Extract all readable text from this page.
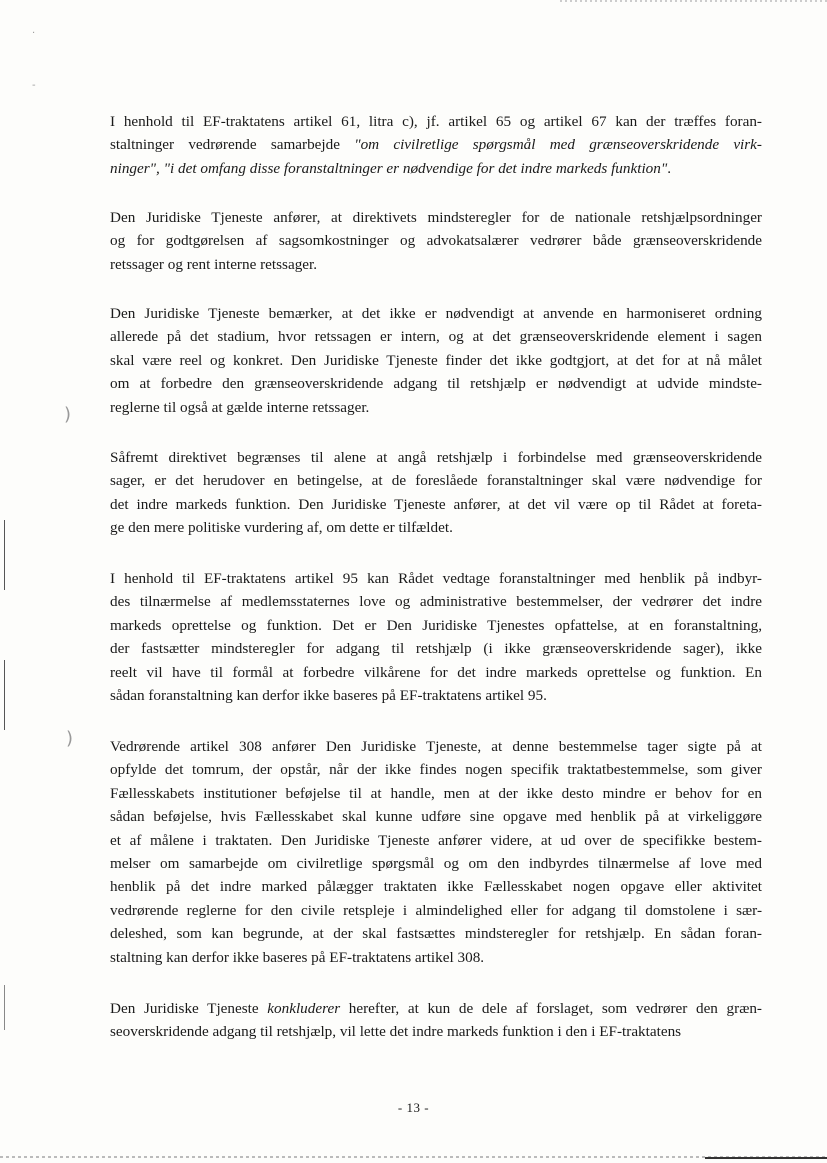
·
-
)
)
I henhold til EF-traktatens artikel 61, litra c), jf. artikel 65 og artikel 67 kan der træffes foran-
staltninger vedrørende samarbejde "om civilretlige spørgsmål med grænseoverskridende virk-
ninger", "i det omfang disse foranstaltninger er nødvendige for det indre markeds funktion".
Den Juridiske Tjeneste anfører, at direktivets mindsteregler for de nationale retshjælpsordninger
og for godtgørelsen af sagsomkostninger og advokatsalærer vedrører både grænseoverskridende
retssager og rent interne retssager.
Den Juridiske Tjeneste bemærker, at det ikke er nødvendigt at anvende en harmoniseret ordning
allerede på det stadium, hvor retssagen er intern, og at det grænseoverskridende element i sagen
skal være reel og konkret. Den Juridiske Tjeneste finder det ikke godtgjort, at det for at nå målet
om at forbedre den grænseoverskridende adgang til retshjælp er nødvendigt at udvide mindste-
reglerne til også at gælde interne retssager.
Såfremt direktivet begrænses til alene at angå retshjælp i forbindelse med grænseoverskridende
sager, er det herudover en betingelse, at de foreslåede foranstaltninger skal være nødvendige for
det indre markeds funktion. Den Juridiske Tjeneste anfører, at det vil være op til Rådet at foreta-
ge den mere politiske vurdering af, om dette er tilfældet.
I henhold til EF-traktatens artikel 95 kan Rådet vedtage foranstaltninger med henblik på indbyr-
des tilnærmelse af medlemsstaternes love og administrative bestemmelser, der vedrører det indre
markeds oprettelse og funktion. Det er Den Juridiske Tjenestes opfattelse, at en foranstaltning,
der fastsætter mindsteregler for adgang til retshjælp (i ikke grænseoverskridende sager), ikke
reelt vil have til formål at forbedre vilkårene for det indre markeds oprettelse og funktion. En
sådan foranstaltning kan derfor ikke baseres på EF-traktatens artikel 95.
Vedrørende artikel 308 anfører Den Juridiske Tjeneste, at denne bestemmelse tager sigte på at
opfylde det tomrum, der opstår, når der ikke findes nogen specifik traktatbestemmelse, som giver
Fællesskabets institutioner beføjelse til at handle, men at der ikke desto mindre er behov for en
sådan beføjelse, hvis Fællesskabet skal kunne udføre sine opgave med henblik på at virkeliggøre
et af målene i traktaten. Den Juridiske Tjeneste anfører videre, at ud over de specifikke bestem-
melser om samarbejde om civilretlige spørgsmål og om den indbyrdes tilnærmelse af love med
henblik på det indre marked pålægger traktaten ikke Fællesskabet nogen opgave eller aktivitet
vedrørende reglerne for den civile retspleje i almindelighed eller for adgang til domstolene i sær-
deleshed, som kan begrunde, at der skal fastsættes mindsteregler for retshjælp. En sådan foran-
staltning kan derfor ikke baseres på EF-traktatens artikel 308.
Den Juridiske Tjeneste konkluderer herefter, at kun de dele af forslaget, som vedrører den græn-
seoverskridende adgang til retshjælp, vil lette det indre markeds funktion i den i EF-traktatens
- 13 -
